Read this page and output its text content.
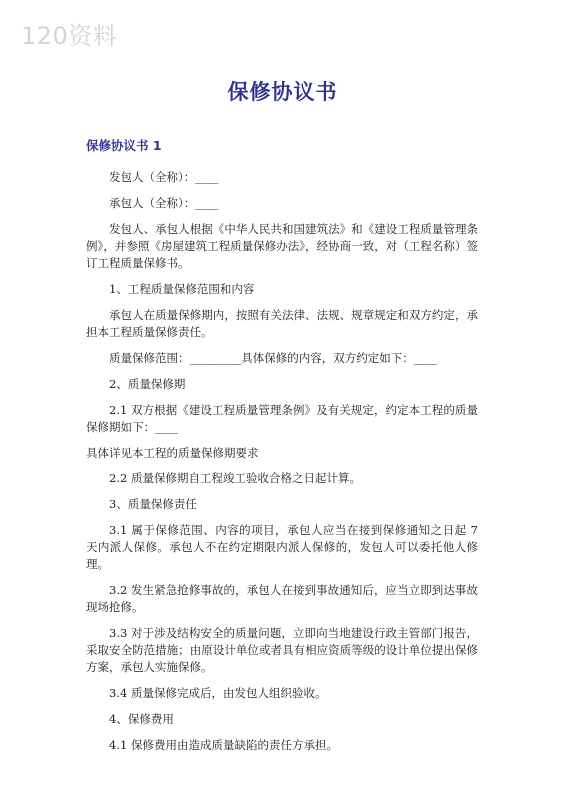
120资料
保修协议书
保修协议书 1

发包人（全称）：____

承包人（全称）：____

发包人、承包人根据《中华人民共和国建筑法》和《建设工程质量管理条例》，并参照《房屋建筑工程质量保修办法》，经协商一致，对（工程名称）签订工程质量保修书。

1、工程质量保修范围和内容

承包人在质量保修期内，按照有关法律、法规、规章规定和双方约定，承担本工程质量保修责任。

质量保修范围：_________具体保修的内容，双方约定如下：____

2、质量保修期

2.1 双方根据《建设工程质量管理条例》及有关规定，约定本工程的质量保修期如下：____

具体详见本工程的质量保修期要求

2.2 质量保修期自工程竣工验收合格之日起计算。

3、质量保修责任

3.1 属于保修范围、内容的项目，承包人应当在接到保修通知之日起 7 天内派人保修。承包人不在约定期限内派人保修的，发包人可以委托他人修理。

3.2 发生紧急抢修事故的，承包人在接到事故通知后，应当立即到达事故现场抢修。

3.3 对于涉及结构安全的质量问题，立即向当地建设行政主管部门报告，采取安全防范措施；由原设计单位或者具有相应资质等级的设计单位提出保修方案，承包人实施保修。

3.4 质量保修完成后，由发包人组织验收。

4、保修费用

4.1 保修费用由造成质量缺陷的责任方承担。
